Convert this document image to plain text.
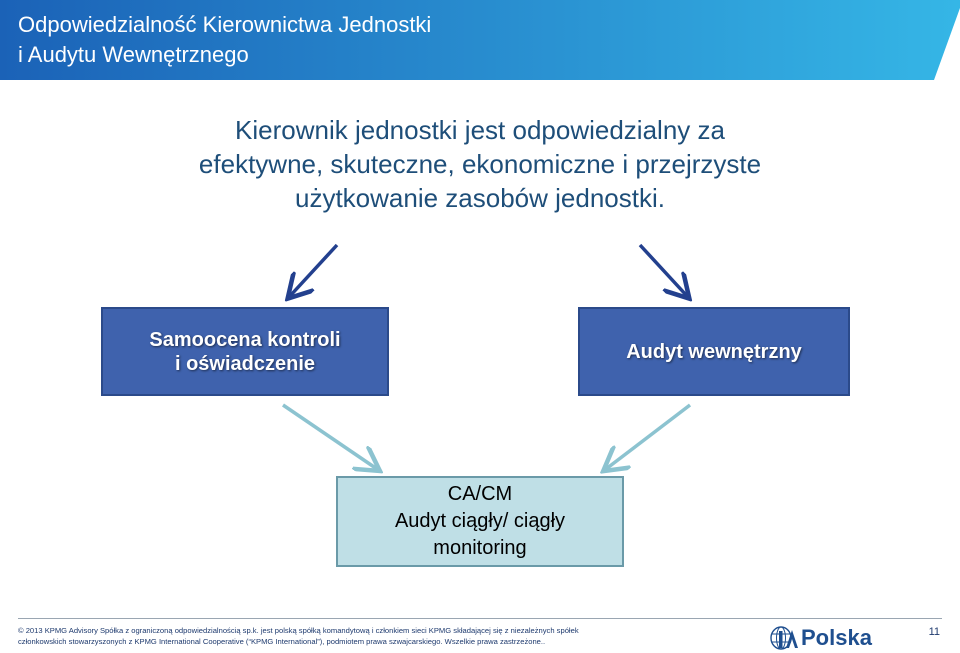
Odpowiedzialność Kierownictwa Jednostki
i Audytu Wewnętrznego
Kierownik jednostki jest odpowiedzialny za
efektywne, skuteczne, ekonomiczne i przejrzyste
użytkowanie zasobów jednostki.
Samoocena kontroli
i oświadczenie
Audyt wewnętrzny
CA/CM
Audyt ciągły/ ciągły
monitoring
© 2013 KPMG Advisory Spółka z ograniczoną odpowiedzialnością sp.k. jest polską spółką komandytową i członkiem sieci KPMG składającej się z niezależnych spółek
członkowskich stowarzyszonych z KPMG International Cooperative (“KPMG International”), podmiotem prawa szwajcarskiego. Wszelkie prawa zastrzeżone..	Polska	11
